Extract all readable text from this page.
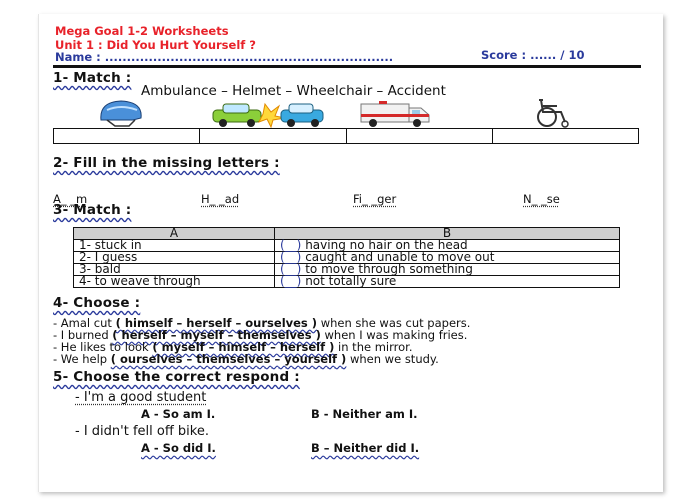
Mega Goal 1-2 Worksheets
Unit 1 : Did You Hurt Yourself ?
Name : ..................................................................	Score : ...... / 10
1- Match :
Ambulance – Helmet – Wheelchair – Accident
2- Fill in the missing letters :
A_ _m	H_ _ad	Fi_ _ger	N_ _se
3- Match :
A	B
1- stuck in	(__) having no hair on the head
2- I guess	(__) caught and unable to move out
3- bald	(__) to move through something
4- to weave through	(__) not totally sure
4- Choose :
- Amal cut ( himself – herself – ourselves ) when she was cut papers.
- I burned ( herself – myself – themselves ) when I was making fries.
- He likes to look ( myself – himself – herself ) in the mirror.
- We help ( ourselves – themselves – yourself ) when we study.
5- Choose the correct respond :
- I'm a good student
A - So am I.	B - Neither am I.
- I didn't fell off bike.
A - So did I.	B – Neither did I.
